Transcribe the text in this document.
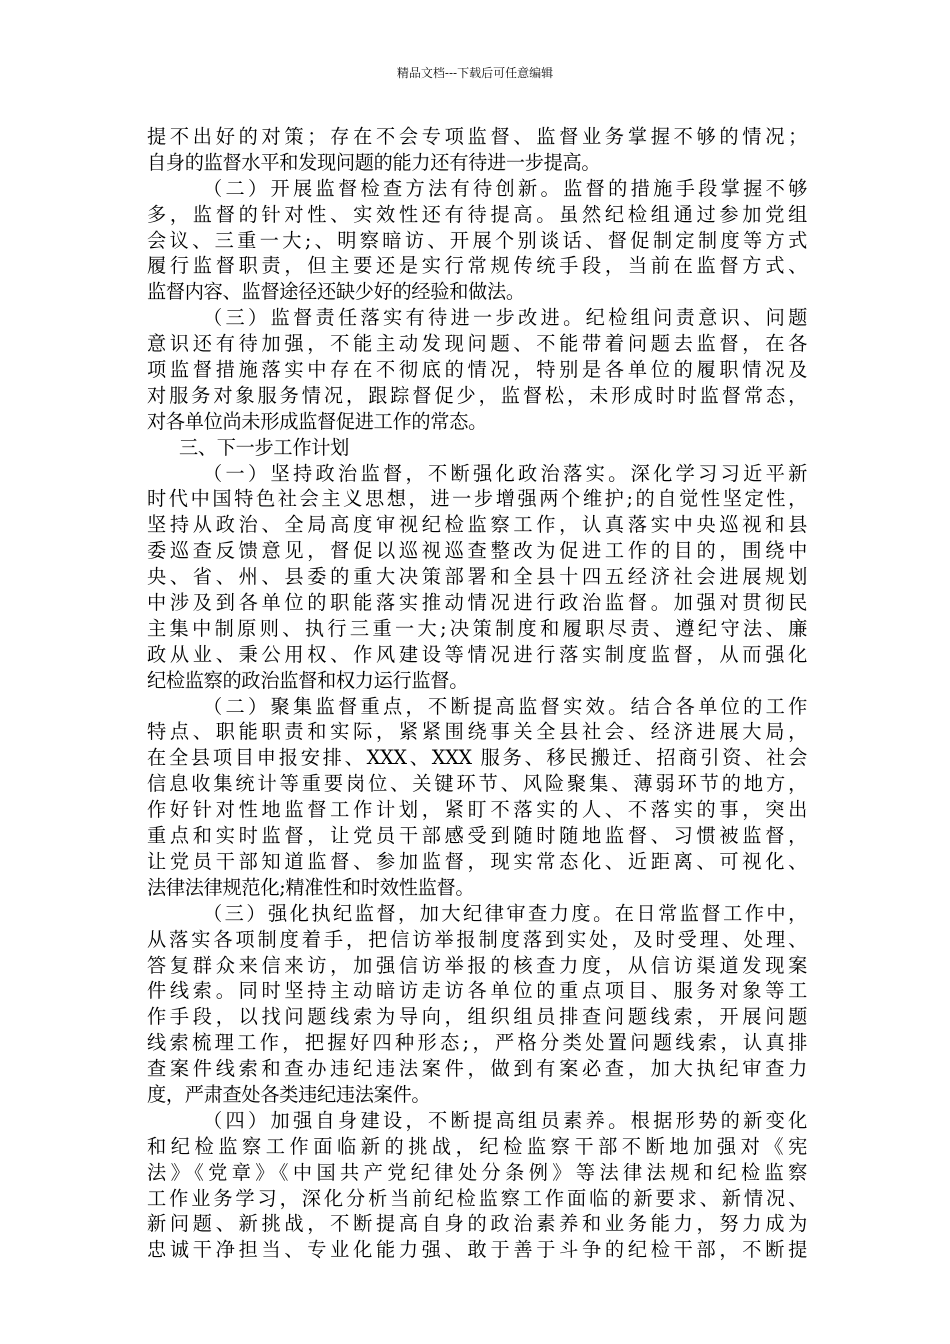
精品文档---下载后可任意编辑
提不出好的对策；存在不会专项监督、监督业务掌握不够的情况；
自身的监督水平和发现问题的能力还有待进一步提高。
（二）开展监督检查方法有待创新。监督的措施手段掌握不够
多，监督的针对性、实效性还有待提高。虽然纪检组通过参加党组
会议、三重一大;、明察暗访、开展个别谈话、督促制定制度等方式
履行监督职责，但主要还是实行常规传统手段，当前在监督方式、
监督内容、监督途径还缺少好的经验和做法。
（三）监督责任落实有待进一步改进。纪检组问责意识、问题
意识还有待加强，不能主动发现问题、不能带着问题去监督，在各
项监督措施落实中存在不彻底的情况，特别是各单位的履职情况及
对服务对象服务情况，跟踪督促少，监督松，未形成时时监督常态，
对各单位尚未形成监督促进工作的常态。
三、下一步工作计划
（一）坚持政治监督，不断强化政治落实。深化学习习近平新
时代中国特色社会主义思想，进一步增强两个维护;的自觉性坚定性，
坚持从政治、全局高度审视纪检监察工作，认真落实中央巡视和县
委巡查反馈意见，督促以巡视巡查整改为促进工作的目的，围绕中
央、省、州、县委的重大决策部署和全县十四五经济社会进展规划
中涉及到各单位的职能落实推动情况进行政治监督。加强对贯彻民
主集中制原则、执行三重一大;决策制度和履职尽责、遵纪守法、廉
政从业、秉公用权、作风建设等情况进行落实制度监督，从而强化
纪检监察的政治监督和权力运行监督。
（二）聚集监督重点，不断提高监督实效。结合各单位的工作
特点、职能职责和实际，紧紧围绕事关全县社会、经济进展大局，
在全县项目申报安排、XXX、XXX 服务、移民搬迁、招商引资、社会
信息收集统计等重要岗位、关键环节、风险聚集、薄弱环节的地方，
作好针对性地监督工作计划，紧盯不落实的人、不落实的事，突出
重点和实时监督，让党员干部感受到随时随地监督、习惯被监督，
让党员干部知道监督、参加监督，现实常态化、近距离、可视化、
法律法律规范化;精准性和时效性监督。
（三）强化执纪监督，加大纪律审查力度。在日常监督工作中，
从落实各项制度着手，把信访举报制度落到实处，及时受理、处理、
答复群众来信来访，加强信访举报的核查力度，从信访渠道发现案
件线索。同时坚持主动暗访走访各单位的重点项目、服务对象等工
作手段，以找问题线索为导向，组织组员排查问题线索，开展问题
线索梳理工作，把握好四种形态;，严格分类处置问题线索，认真排
查案件线索和查办违纪违法案件，做到有案必查，加大执纪审查力
度，严肃查处各类违纪违法案件。
（四）加强自身建设，不断提高组员素养。根据形势的新变化
和纪检监察工作面临新的挑战，纪检监察干部不断地加强对《宪
法》《党章》《中国共产党纪律处分条例》等法律法规和纪检监察
工作业务学习，深化分析当前纪检监察工作面临的新要求、新情况、
新问题、新挑战，不断提高自身的政治素养和业务能力，努力成为
忠诚干净担当、专业化能力强、敢于善于斗争的纪检干部，不断提
